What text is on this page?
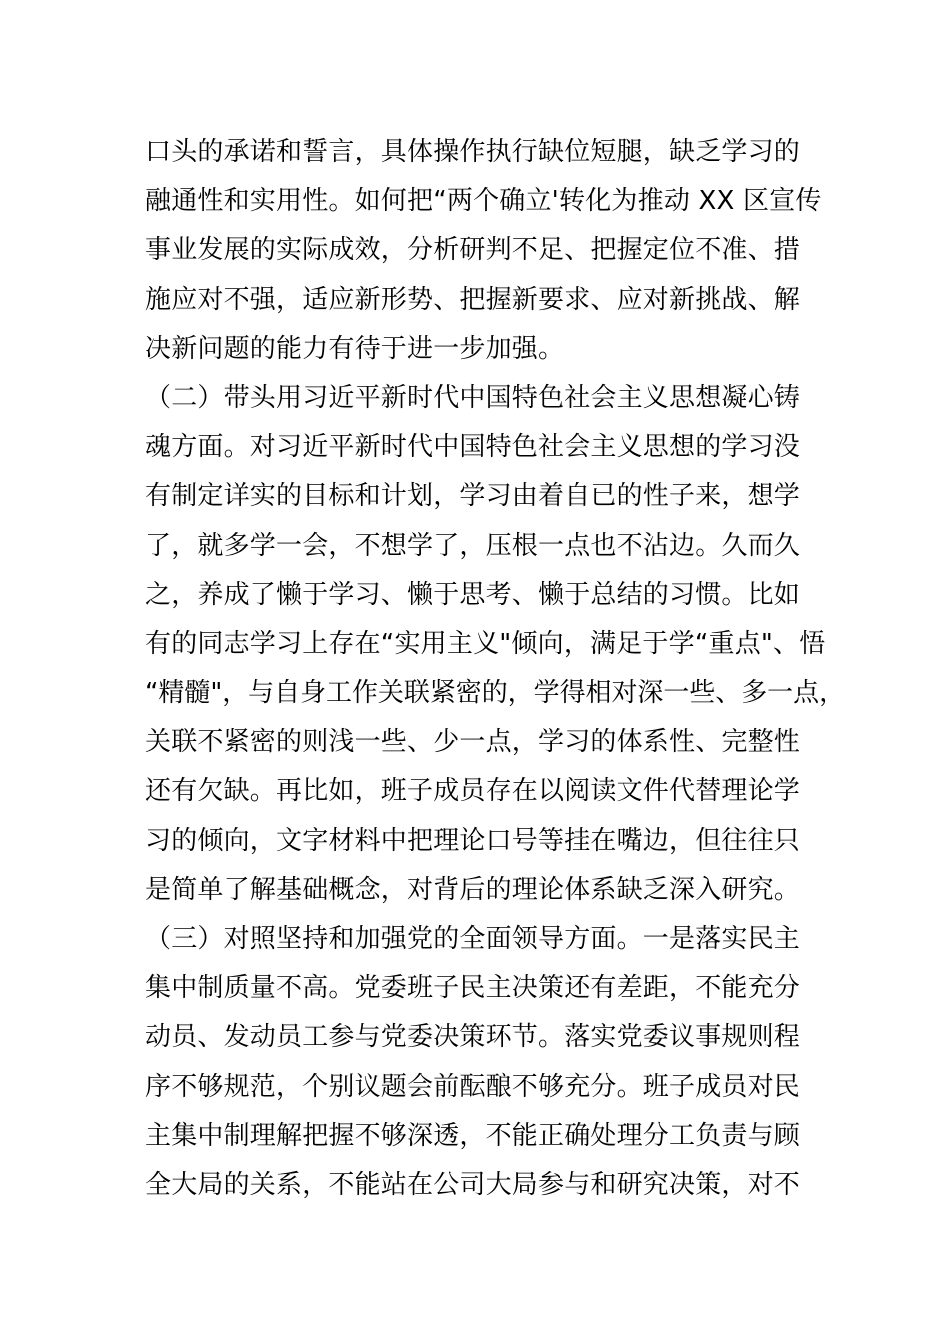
口头的承诺和誓言，具体操作执行缺位短腿，缺乏学习的
融通性和实用性。如何把“两个确立'转化为推动 XX 区宣传
事业发展的实际成效，分析研判不足、把握定位不准、措
施应对不强，适应新形势、把握新要求、应对新挑战、解
决新问题的能力有待于进一步加强。
（二）带头用习近平新时代中国特色社会主义思想凝心铸
魂方面。对习近平新时代中国特色社会主义思想的学习没
有制定详实的目标和计划，学习由着自已的性子来，想学
了，就多学一会，不想学了，压根一点也不沾边。久而久
之，养成了懒于学习、懒于思考、懒于总结的习惯。比如
有的同志学习上存在“实用主义"倾向，满足于学“重点"、悟
“精髓"，与自身工作关联紧密的，学得相对深一些、多一点，
关联不紧密的则浅一些、少一点，学习的体系性、完整性
还有欠缺。再比如，班子成员存在以阅读文件代替理论学
习的倾向，文字材料中把理论口号等挂在嘴边，但往往只
是简单了解基础概念，对背后的理论体系缺乏深入研究。
（三）对照坚持和加强党的全面领导方面。一是落实民主
集中制质量不高。党委班子民主决策还有差距，不能充分
动员、发动员工参与党委决策环节。落实党委议事规则程
序不够规范，个别议题会前酝酿不够充分。班子成员对民
主集中制理解把握不够深透，不能正确处理分工负责与顾
全大局的关系，不能站在公司大局参与和研究决策，对不
